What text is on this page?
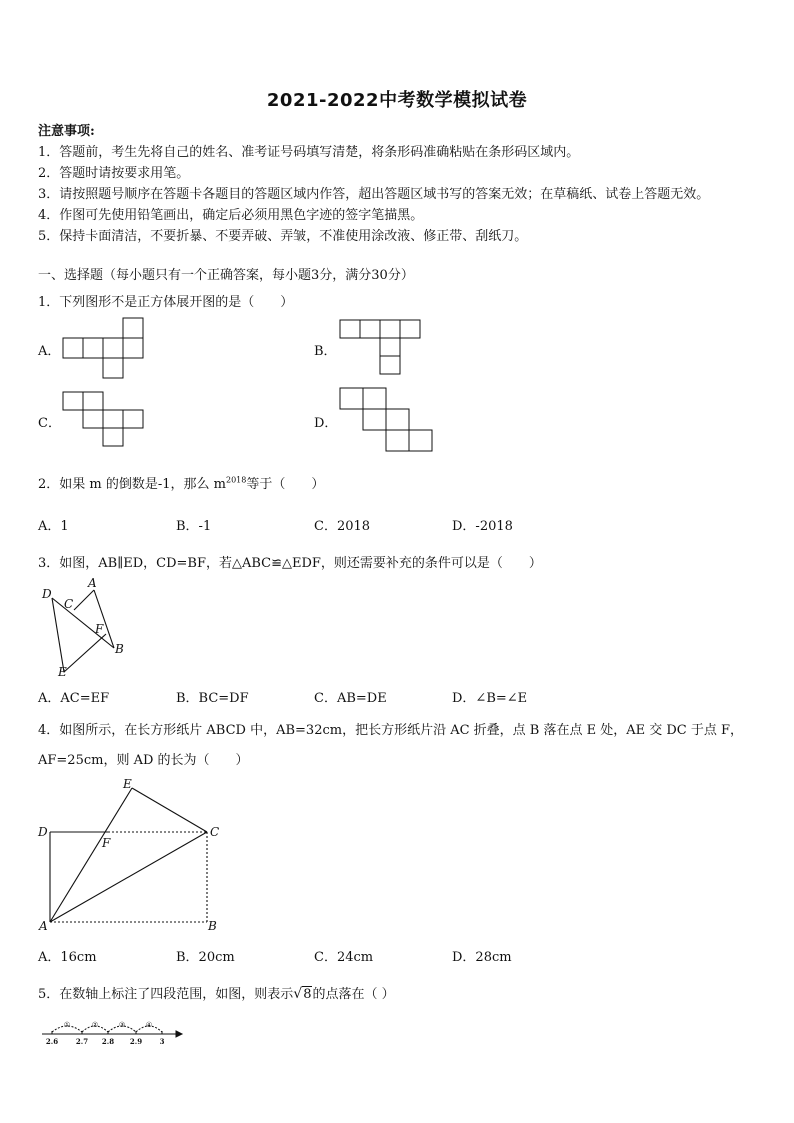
2021-2022中考数学模拟试卷
注意事项:
1．答题前，考生先将自己的姓名、准考证号码填写清楚，将条形码准确粘贴在条形码区域内。
2．答题时请按要求用笔。
3．请按照题号顺序在答题卡各题目的答题区域内作答，超出答题区域书写的答案无效；在草稿纸、试卷上答题无效。
4．作图可先使用铅笔画出，确定后必须用黑色字迹的签字笔描黑。
5．保持卡面清洁，不要折暴、不要弄破、弄皱，不准使用涂改液、修正带、刮纸刀。
一、选择题（每小题只有一个正确答案，每小题3分，满分30分）
1．下列图形不是正方体展开图的是（　　）
A．	B．
C．	D．
2．如果 m 的倒数是-1，那么 $m^{2018}$等于（　　）
A．1	B．-1	C．2018	D．-2018
3．如图，AB∥ED，CD=BF，若△ABC≌△EDF，则还需要补充的条件可以是（　　）
D
A
C
F
B
E
A．AC=EF	B．BC=DF	C．AB=DE	D．∠B=∠E
4．如图所示，在长方形纸片 ABCD 中，AB=32cm，把长方形纸片沿 AC 折叠，点 B 落在点 E 处，AE 交 DC 于点 F，
AF=25cm，则 AD 的长为（　　）
E
D
F
C
A	B
A．16cm	B．20cm	C．24cm	D．28cm
5．在数轴上标注了四段范围，如图，则表示√8的点落在（ ）
①	②	③	④
2.6	2.7 2.8 2.9 3
